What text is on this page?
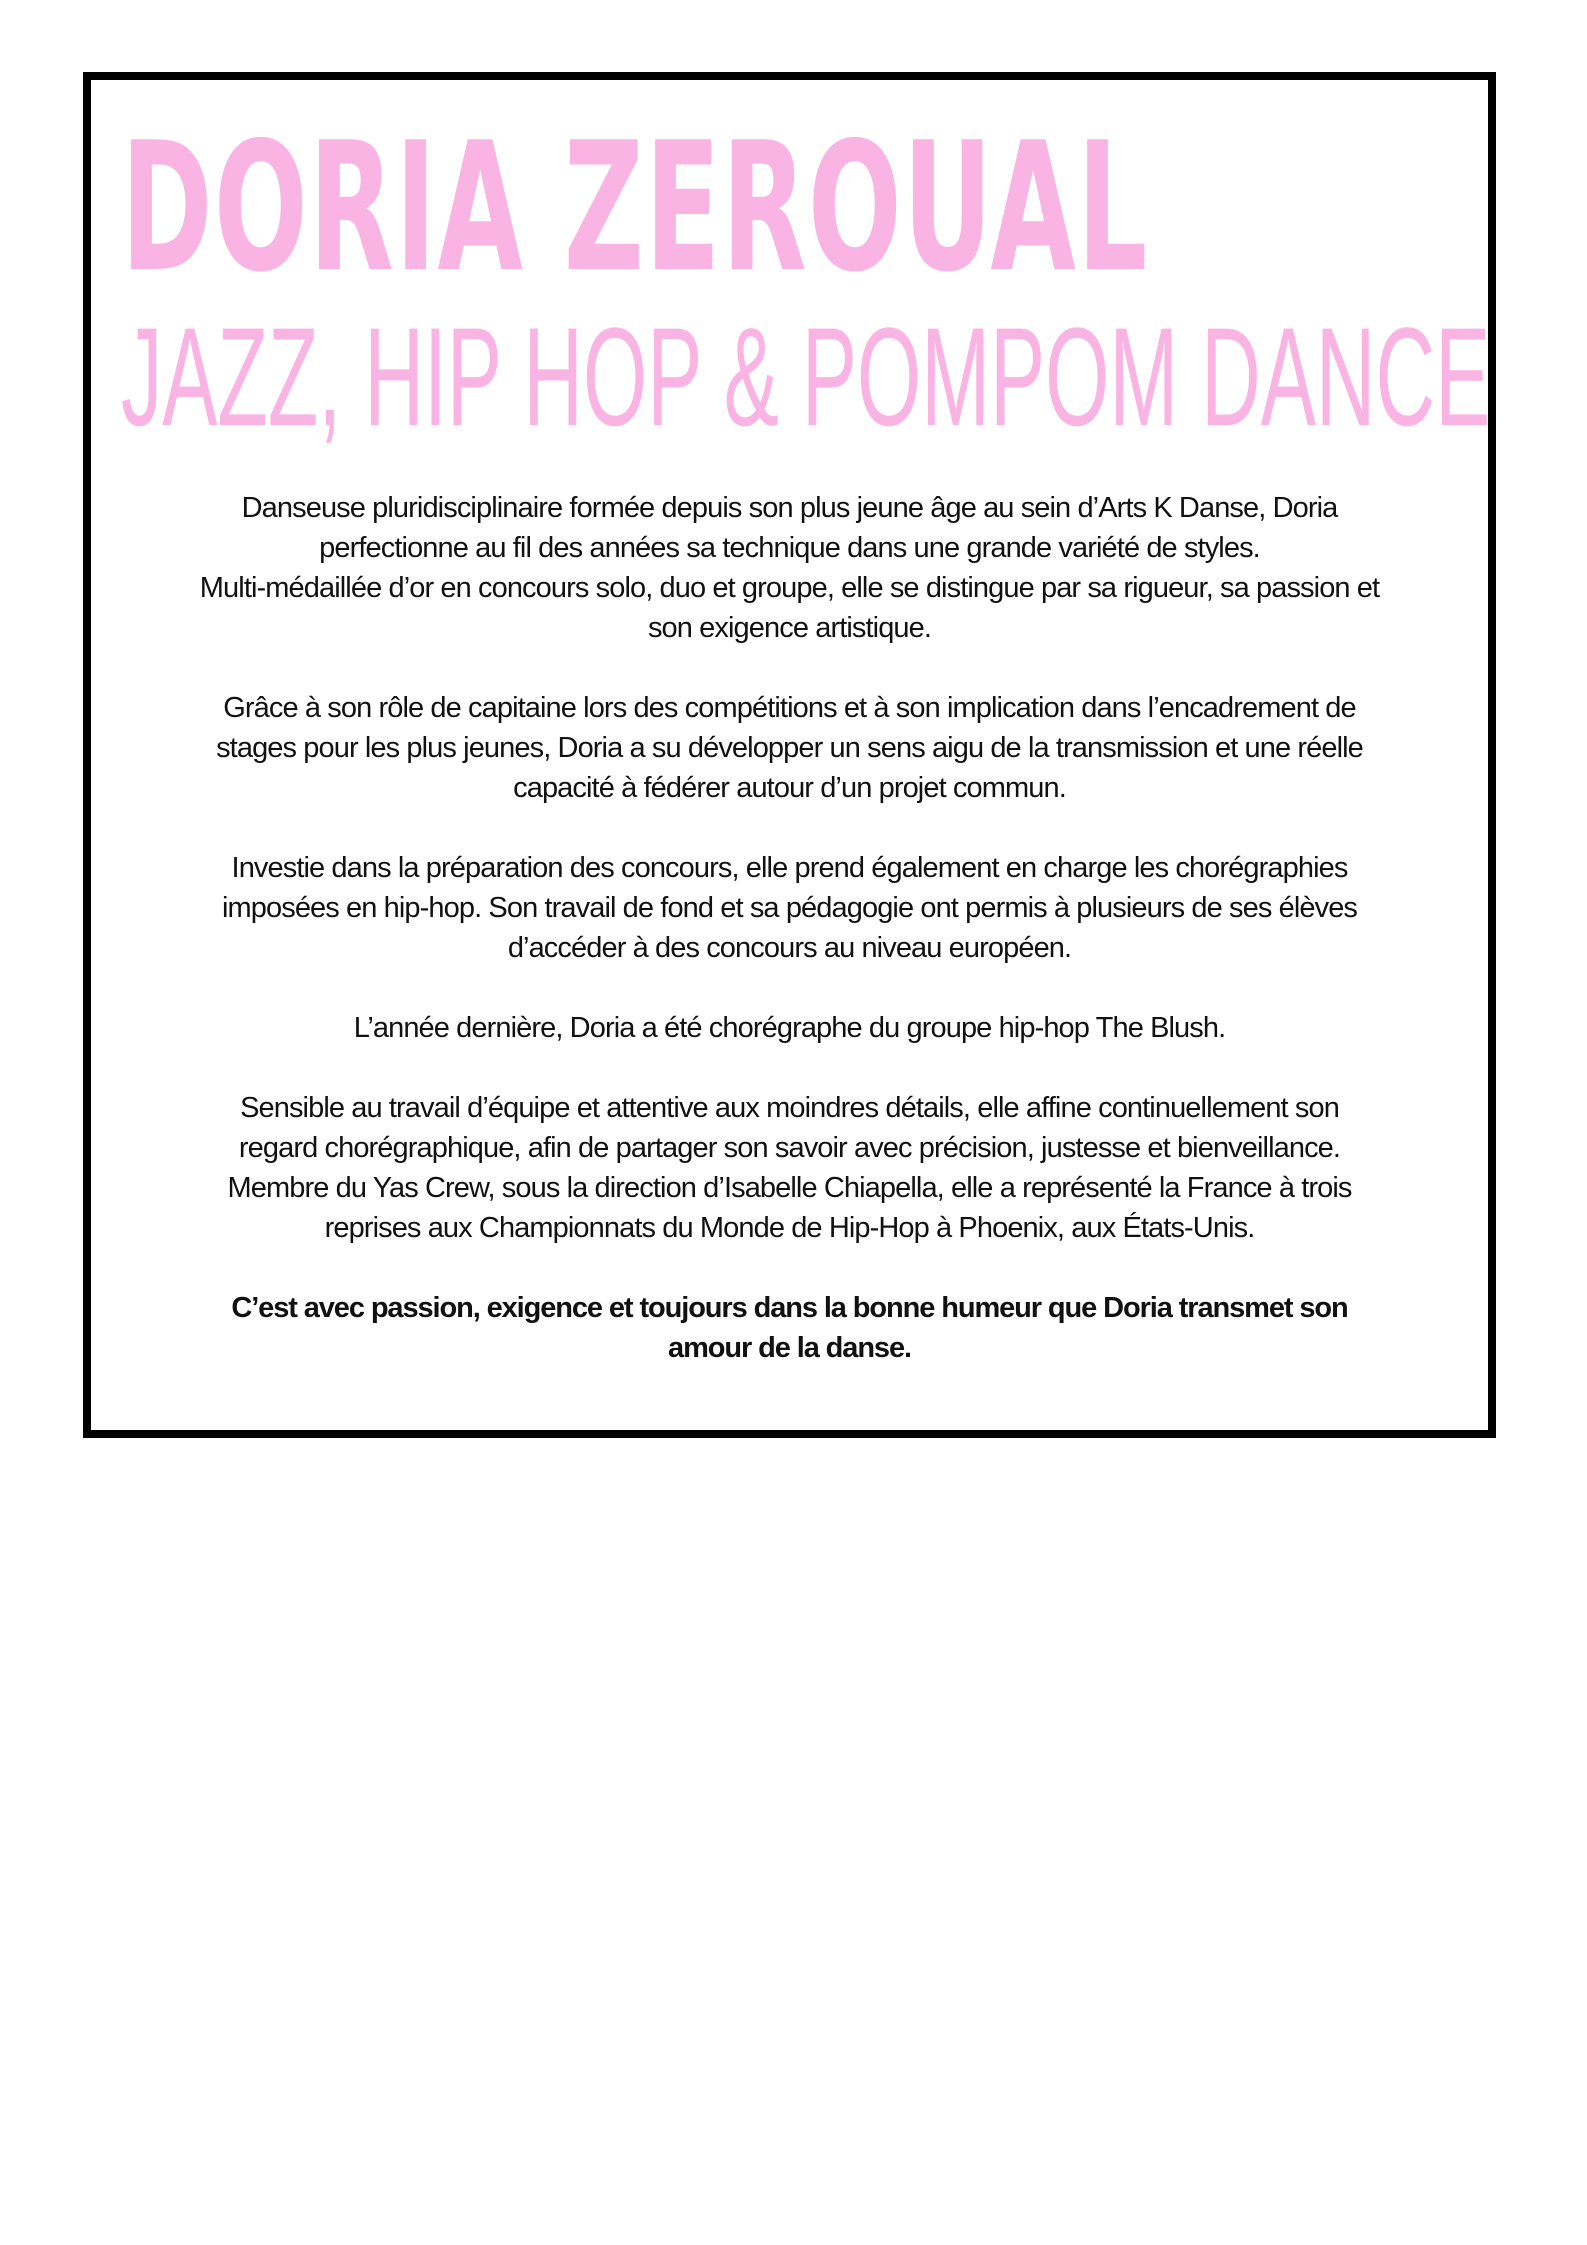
DORIA ZEROUAL
JAZZ, HIP HOP & POMPOM DANCE

Danseuse pluridisciplinaire formée depuis son plus jeune âge au sein d’Arts K Danse, Doria
perfectionne au fil des années sa technique dans une grande variété de styles.
Multi-médaillée d’or en concours solo, duo et groupe, elle se distingue par sa rigueur, sa passion et
son exigence artistique.

Grâce à son rôle de capitaine lors des compétitions et à son implication dans l’encadrement de
stages pour les plus jeunes, Doria a su développer un sens aigu de la transmission et une réelle
capacité à fédérer autour d’un projet commun.

Investie dans la préparation des concours, elle prend également en charge les chorégraphies
imposées en hip-hop. Son travail de fond et sa pédagogie ont permis à plusieurs de ses élèves
d’accéder à des concours au niveau européen.

L’année dernière, Doria a été chorégraphe du groupe hip-hop The Blush.

Sensible au travail d’équipe et attentive aux moindres détails, elle affine continuellement son
regard chorégraphique, afin de partager son savoir avec précision, justesse et bienveillance.
Membre du Yas Crew, sous la direction d’Isabelle Chiapella, elle a représenté la France à trois
reprises aux Championnats du Monde de Hip-Hop à Phoenix, aux États-Unis.

C’est avec passion, exigence et toujours dans la bonne humeur que Doria transmet son
amour de la danse.
